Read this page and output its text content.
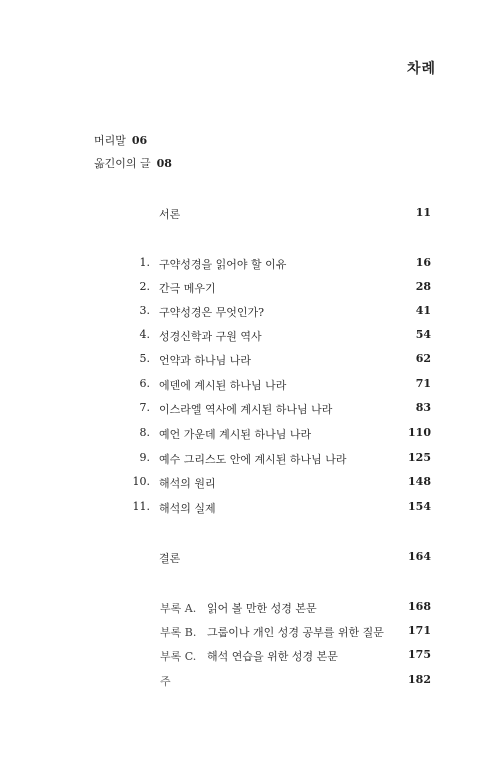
차례
머리말 06
옮긴이의 글 08
서론	11
1. 구약성경을 읽어야 할 이유	16
2. 간극 메우기	28
3. 구약성경은 무엇인가?	41
4. 성경신학과 구원 역사	54
5. 언약과 하나님 나라	62
6. 에덴에 계시된 하나님 나라	71
7. 이스라엘 역사에 계시된 하나님 나라	83
8. 예언 가운데 계시된 하나님 나라	110
9. 예수 그리스도 안에 계시된 하나님 나라	125
10. 해석의 원리	148
11. 해석의 실제	154
결론	164
부록 A. 읽어 볼 만한 성경 본문	168
부록 B. 그룹이나 개인 성경 공부를 위한 질문 171
부록 C. 해석 연습을 위한 성경 본문	175
주	182
